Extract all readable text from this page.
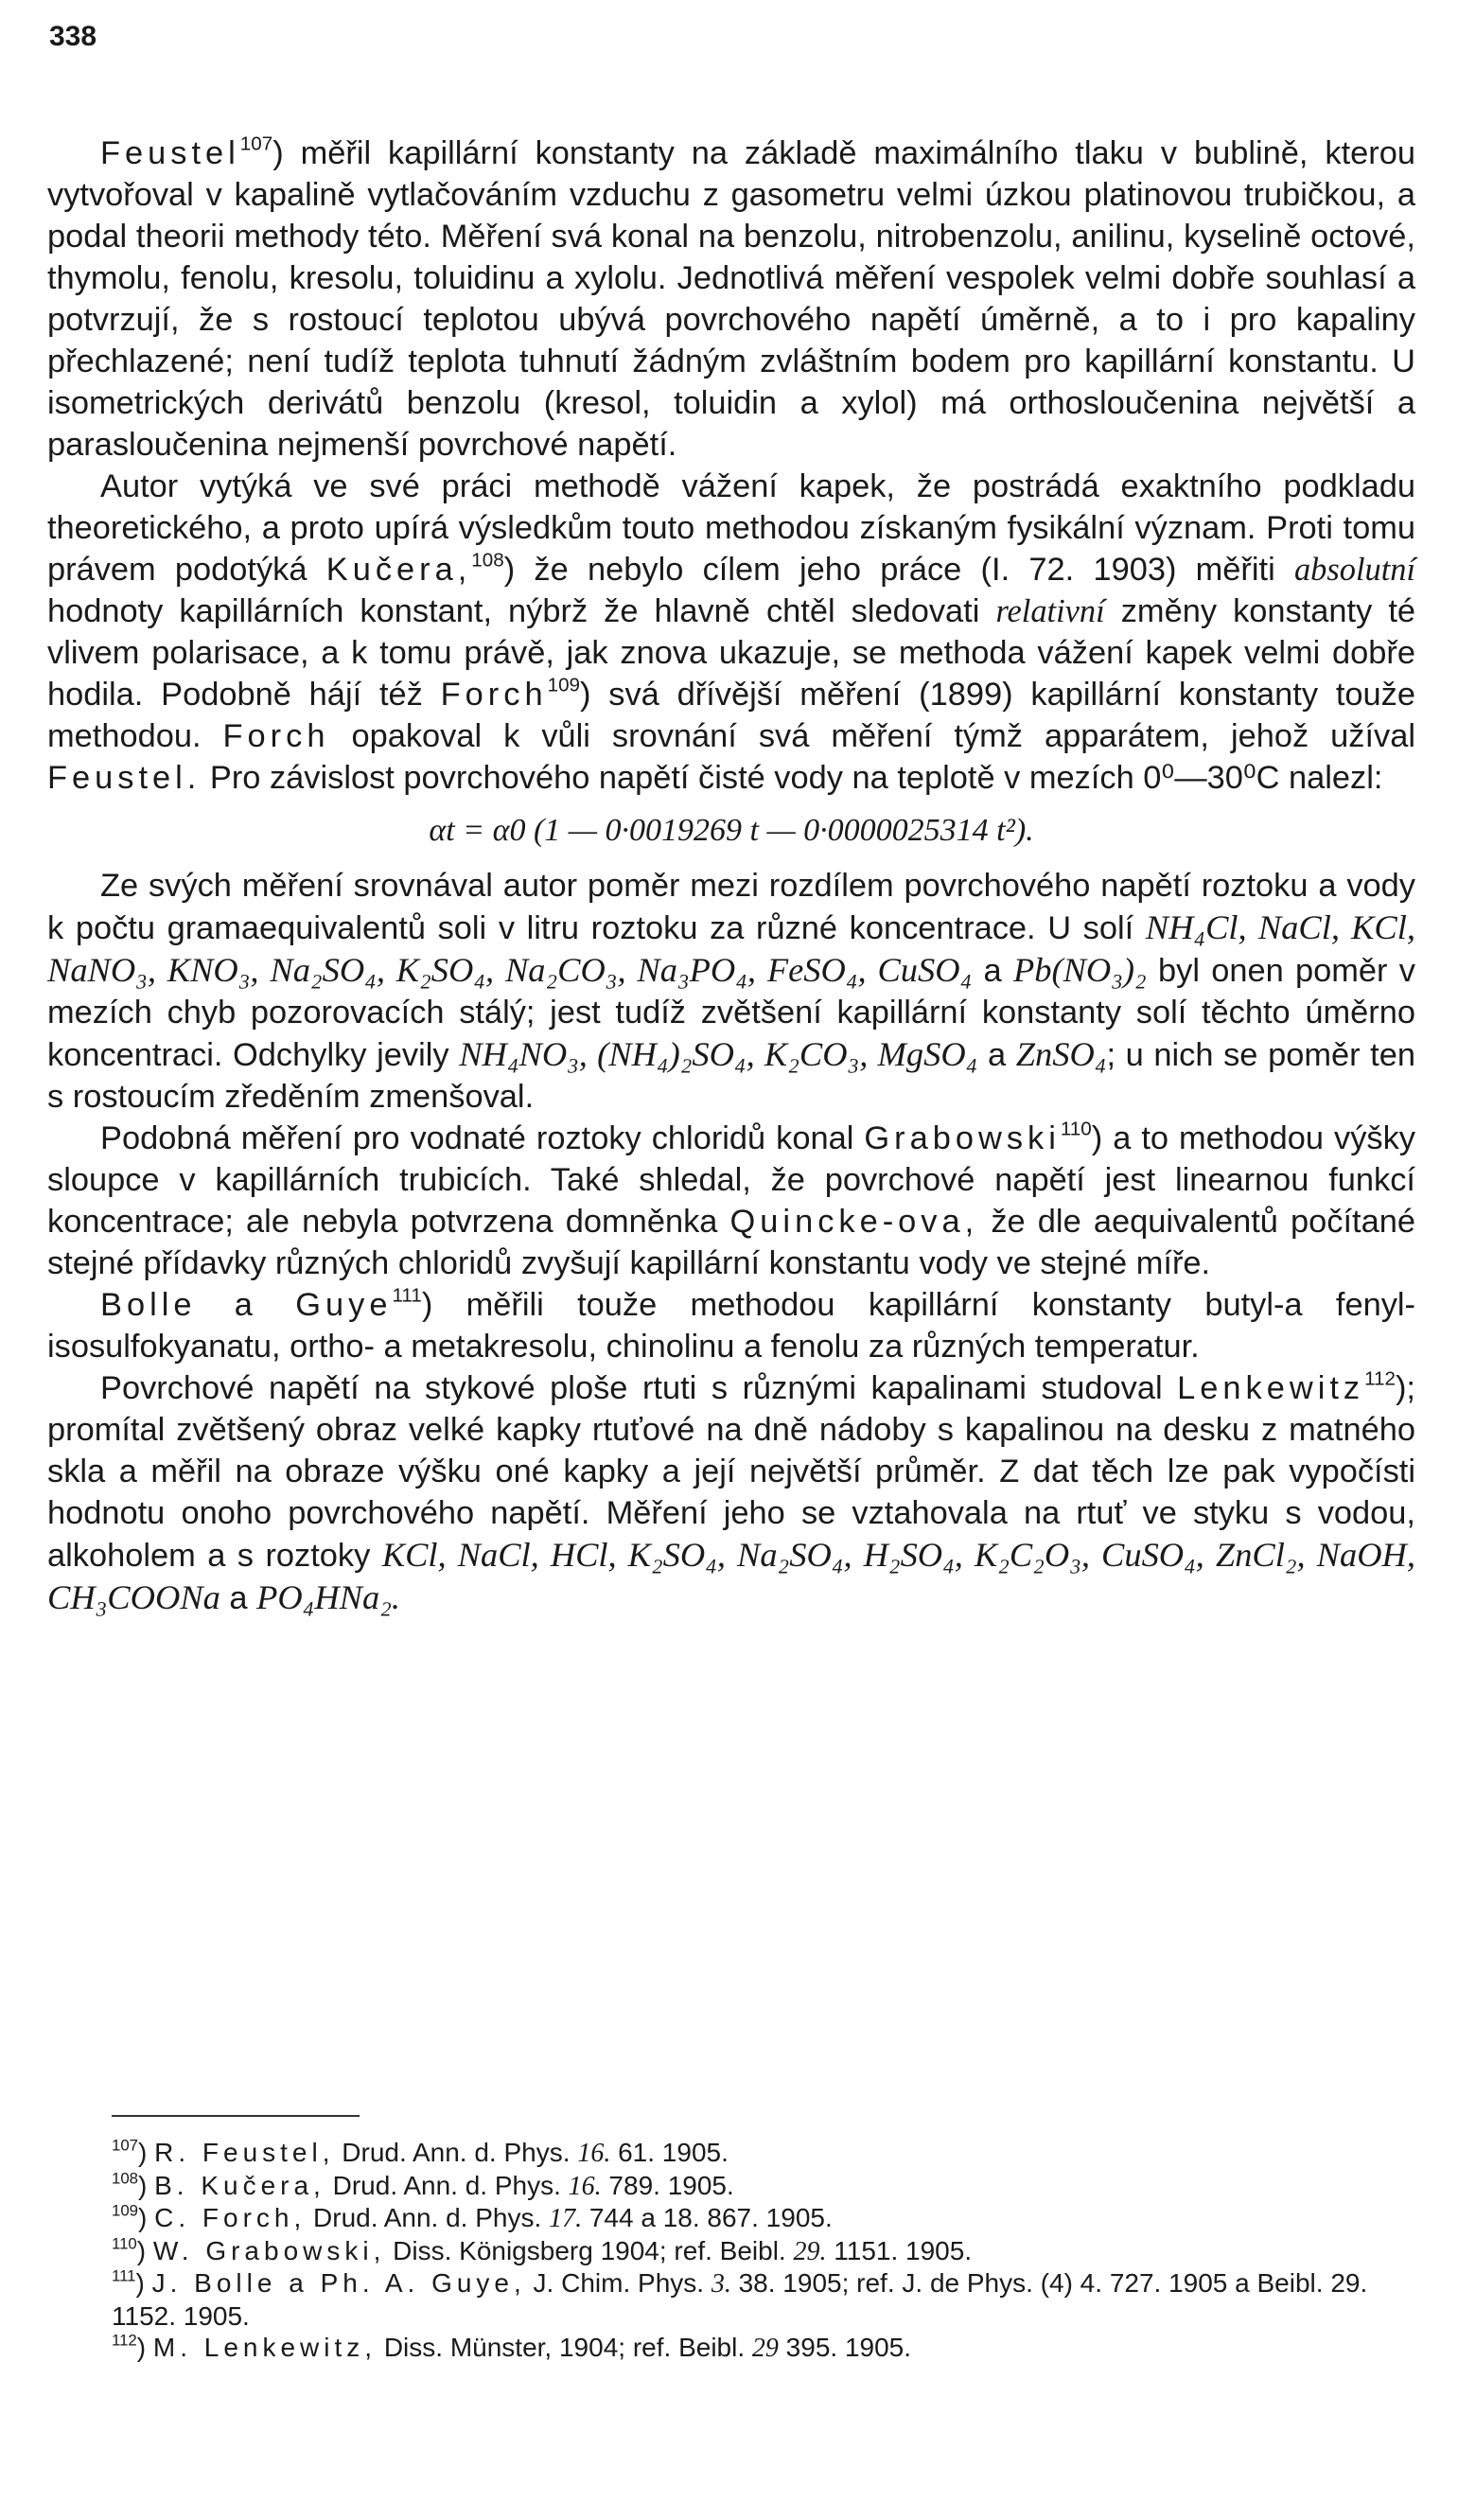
338

Feustel$^{107}$) měřil kapillární konstanty na základě maximálního tlaku v bublině, kterou vytvořoval v kapalině vytlačováním vzduchu z gasometru velmi úzkou platinovou trubičkou, a podal theorii methody této. Měření svá konal na benzolu, nitrobenzolu, anilinu, kyselině octové, thymolu, fenolu, kresolu, toluidinu a xylolu. Jednotlivá měření vespolek velmi dobře souhlasí a potvrzují, že s rostoucí teplotou ubývá povrchového napětí úměrně, a to i pro kapaliny přechlazené; není tudíž teplota tuhnutí žádným zvláštním bodem pro kapillární konstantu. U isometrických derivátů benzolu (kresol, toluidin a xylol) má orthosloučenina největší a parasloučenina nejmenší povrchové napětí.

Autor vytýká ve své práci methodě vážení kapek, že postrádá exaktního podkladu theoretického, a proto upírá výsledkům touto methodou získaným fysikální význam. Proti tomu právem podotýká Kučera,$^{108}$) že nebylo cílem jeho práce (I. 72. 1903) měřiti absolutní hodnoty kapillárních konstant, nýbrž že hlavně chtěl sledovati relativní změny konstanty té vlivem polarisace, a k tomu právě, jak znova ukazuje, se methoda vážení kapek velmi dobře hodila. Podobně hájí též Forch$^{109}$) svá dřívější měření (1899) kapillární konstanty touže methodou. Forch opakoval k vůli srovnání svá měření týmž apparátem, jehož užíval Feustel. Pro závislost povrchového napětí čisté vody na teplotě v mezích 0⁰—30⁰C nalezl:

αt = α0 (1 — 0·0019269 t — 0·0000025314 t²).

Ze svých měření srovnával autor poměr mezi rozdílem povrchového napětí roztoku a vody k počtu gramaequivalentů soli v litru roztoku za různé koncentrace. U solí NH₄Cl, NaCl, KCl, NaNO₃, KNO₃, Na₂SO₄, K₂SO₄, Na₂CO₃, Na₃PO₄, FeSO₄, CuSO₄ a Pb(NO₃)₂ byl onen poměr v mezích chyb pozorovacích stálý; jest tudíž zvětšení kapillární konstanty solí těchto úměrno koncentraci. Odchylky jevily NH₄NO₃, (NH₄)₂SO₄, K₂CO₃, MgSO₄ a ZnSO₄; u nich se poměr ten s rostoucím zředěním zmenšoval.

Podobná měření pro vodnaté roztoky chloridů konal Grabowski$^{110}$) a to methodou výšky sloupce v kapillárních trubicích. Také shledal, že povrchové napětí jest linearnou funkcí koncentrace; ale nebyla potvrzena domněnka Quincke-ova, že dle aequivalentů počítané stejné přídavky různých chloridů zvyšují kapillární konstantu vody ve stejné míře.

Bolle a Guye$^{111}$) měřili touže methodou kapillární konstanty butyl-a fenyl-isosulfokyanatu, ortho- a metakresolu, chinolinu a fenolu za různých temperatur.

Povrchové napětí na stykové ploše rtuti s různými kapalinami studoval Lenkewitz$^{112}$); promítal zvětšený obraz velké kapky rtuťové na dně nádoby s kapalinou na desku z matného skla a měřil na obraze výšku oné kapky a její největší průměr. Z dat těch lze pak vypočísti hodnotu onoho povrchového napětí. Měření jeho se vztahovala na rtuť ve styku s vodou, alkoholem a s roztoky KCl, NaCl, HCl, K₂SO₄, Na₂SO₄, H₂SO₄, K₂C₂O₃, CuSO₄, ZnCl₂, NaOH, CH₃COONa a PO₄HNa₂.

$^{107}$) R. Feustel, Drud. Ann. d. Phys. 16. 61. 1905.
$^{108}$) B. Kučera, Drud. Ann. d. Phys. 16. 789. 1905.
$^{109}$) C. Forch, Drud. Ann. d. Phys. 17. 744 a 18. 867. 1905.
$^{110}$) W. Grabowski, Diss. Königsberg 1904; ref. Beibl. 29. 1151. 1905.
$^{111}$) J. Bolle a Ph. A. Guye, J. Chim. Phys. 3. 38. 1905; ref. J. de Phys. (4) 4. 727. 1905 a Beibl. 29. 1152. 1905.
$^{112}$) M. Lenkewitz, Diss. Münster, 1904; ref. Beibl. 29 395. 1905.
